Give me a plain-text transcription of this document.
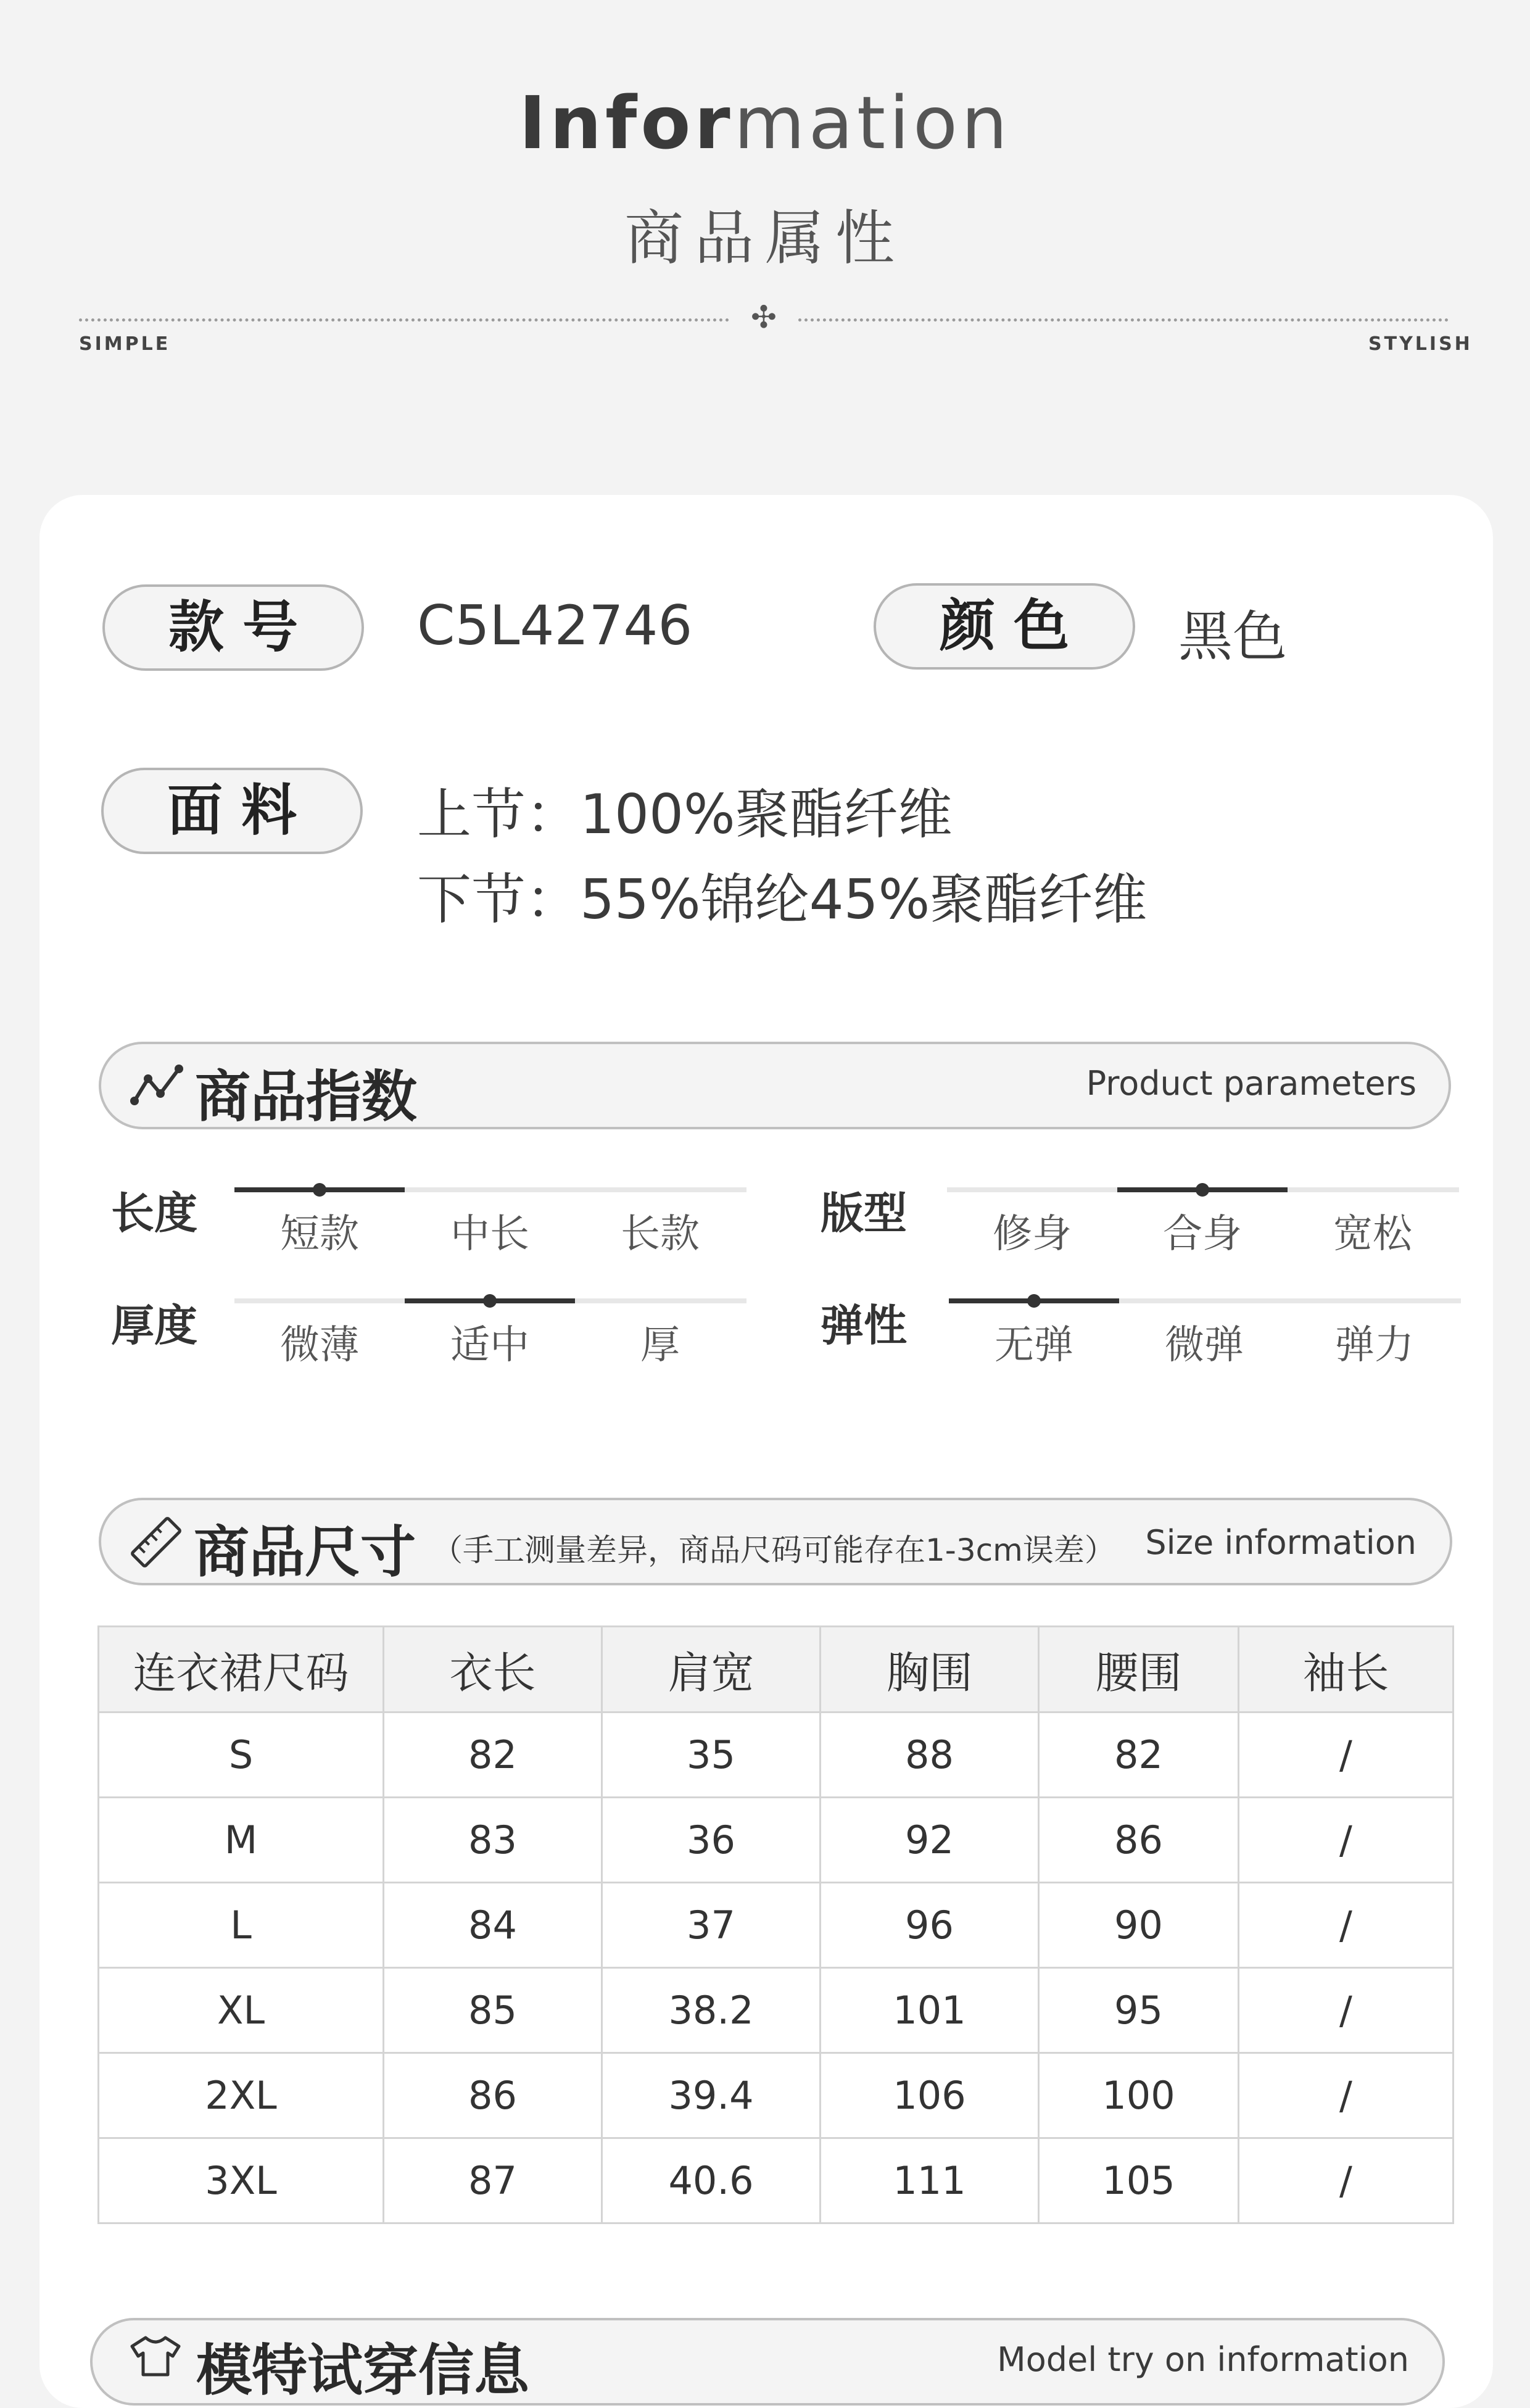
Information
商品属性
✣
SIMPLE	STYLISH
款号	C5L42746	颜色	黑色
面料	上节：100%聚酯纤维
下节：55%锦纶45%聚酯纤维
商品指数	Product parameters
长度	短款	中长	长款	版型	修身	合身	宽松
厚度	微薄	适中	厚	弹性	无弹	微弹	弹力
商品尺寸 （手工测量差异，商品尺码可能存在1-3cm误差） Size information
连衣裙尺码	衣长	肩宽	胸围	腰围	袖长
S	82	35	88	82	/
M	83	36	92	86	/
L	84	37	96	90	/
XL	85	38.2	101	95	/
2XL	86	39.4	106	100	/
3XL	87	40.6	111	105	/
模特试穿信息	Model try on information
